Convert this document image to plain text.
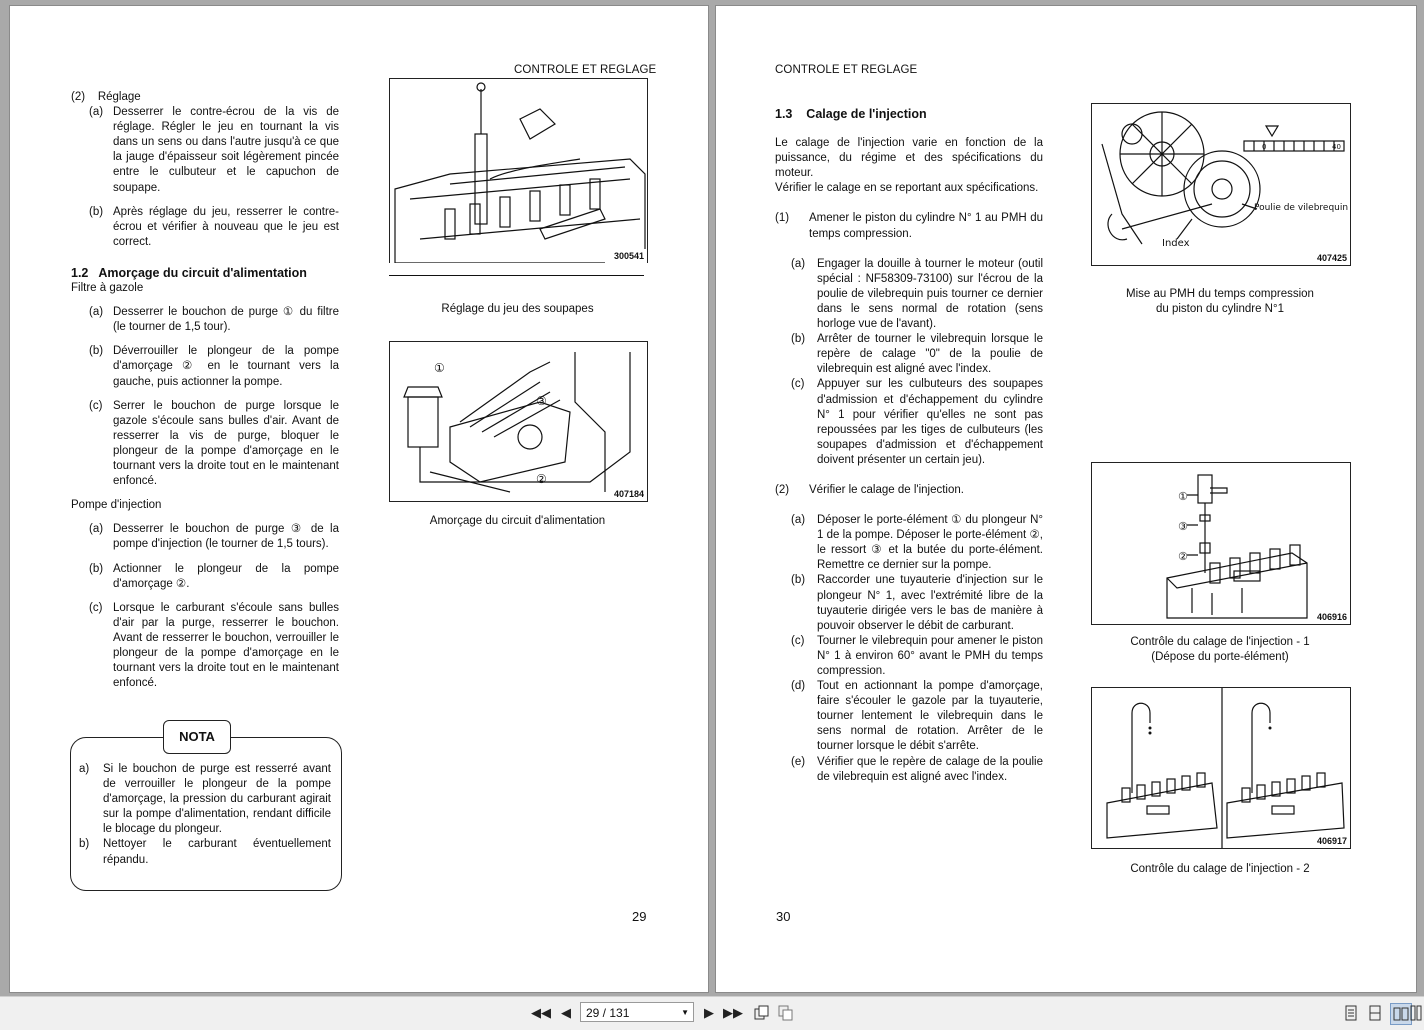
CONTROLE ET REGLAGE

(2)    Réglage

(a) Desserrer le contre-écrou de la vis de réglage. Régler le jeu en tournant la vis dans un sens ou dans l'autre jusqu'à ce que la jauge d'épaisseur soit légèrement pincée entre le culbuteur et le capuchon de soupape.
(b) Après réglage du jeu, resserrer le contre-écrou et vérifier à nouveau que le jeu est correct.

1.2 Amorçage du circuit d'alimentation

Filtre à gazole

(a) Desserrer le bouchon de purge ① du filtre (le tourner de 1,5 tour).
(b) Déverrouiller le plongeur de la pompe d'amorçage ② en le tournant vers la gauche, puis actionner la pompe.
(c) Serrer le bouchon de purge lorsque le gazole s'écoule sans bulles d'air. Avant de resserrer la vis de purge, bloquer le plongeur de la pompe d'amorçage en le tournant vers la droite tout en le maintenant enfoncé.

Pompe d'injection

(a) Desserrer le bouchon de purge ③ de la pompe d'injection (le tourner de 1,5 tours).
(b) Actionner le plongeur de la pompe d'amorçage ②.
(c) Lorsque le carburant s'écoule sans bulles d'air par la purge, resserrer le bouchon. Avant de resserrer le bouchon, verrouiller le plongeur de la pompe d'amorçage en le tournant vers la droite tout en le maintenant enfoncé.
NOTA
a) Si le bouchon de purge est resserré avant de verrouiller le plongeur de la pompe d'amorçage, la pression du carburant agirait sur la pompe d'alimentation, rendant difficile le blocage du plongeur.
b) Nettoyer le carburant éventuellement répandu.
300541
Réglage du jeu des soupapes
①
③
②
407184
Amorçage du circuit d'alimentation
29
CONTROLE ET REGLAGE

1.3 Calage de l'injection

Le calage de l'injection varie en fonction de la puissance, du régime et des spécifications du moteur.

Vérifier le calage en se reportant aux spécifications.

(1) Amener le piston du cylindre N° 1 au PMH du temps compression.
(a) Engager la douille à tourner le moteur (outil spécial : NF58309-73100) sur l'écrou de la poulie de vilebrequin puis tourner ce dernier dans le sens normal de rotation (sens horloge vue de l'avant).
(b) Arrêter de tourner le vilebrequin lorsque le repère de calage "0" de la poulie de vilebrequin est aligné avec l'index.
(c) Appuyer sur les culbuteurs des soupapes d'admission et d'échappement du cylindre N° 1 pour vérifier qu'elles ne sont pas repoussées par les tiges de culbuteurs (les soupapes d'admission et d'échappement doivent présenter un certain jeu).
(2) Vérifier le calage de l'injection.
(a) Déposer le porte-élément ① du plongeur N° 1 de la pompe. Déposer le porte-élément ②, le ressort ③ et la butée du porte-élément. Remettre ce dernier sur la pompe.
(b) Raccorder une tuyauterie d'injection sur le plongeur N° 1, avec l'extrémité libre de la tuyauterie dirigée vers le bas de manière à pouvoir observer le débit de carburant.
(c) Tourner le vilebrequin pour amener le piston N° 1 à environ 60° avant le PMH du temps compression.
(d) Tout en actionnant la pompe d'amorçage, faire s'écouler le gazole par la tuyauterie, tourner lentement le vilebrequin dans le sens normal de rotation. Arrêter de le tourner lorsque le débit s'arrête.
(e) Vérifier que le repère de calage de la poulie de vilebrequin est aligné avec l'index.
0	40
Poulie de vilebrequin
Index
407425
Mise au PMH du temps compression
du piston du cylindre N°1
①
③
②
406916
Contrôle du calage de l'injection - 1
(Dépose du porte-élément)
406917
Contrôle du calage de l'injection - 2
30
◀◀ ◀	29 / 131	▼ ▶ ▶▶
